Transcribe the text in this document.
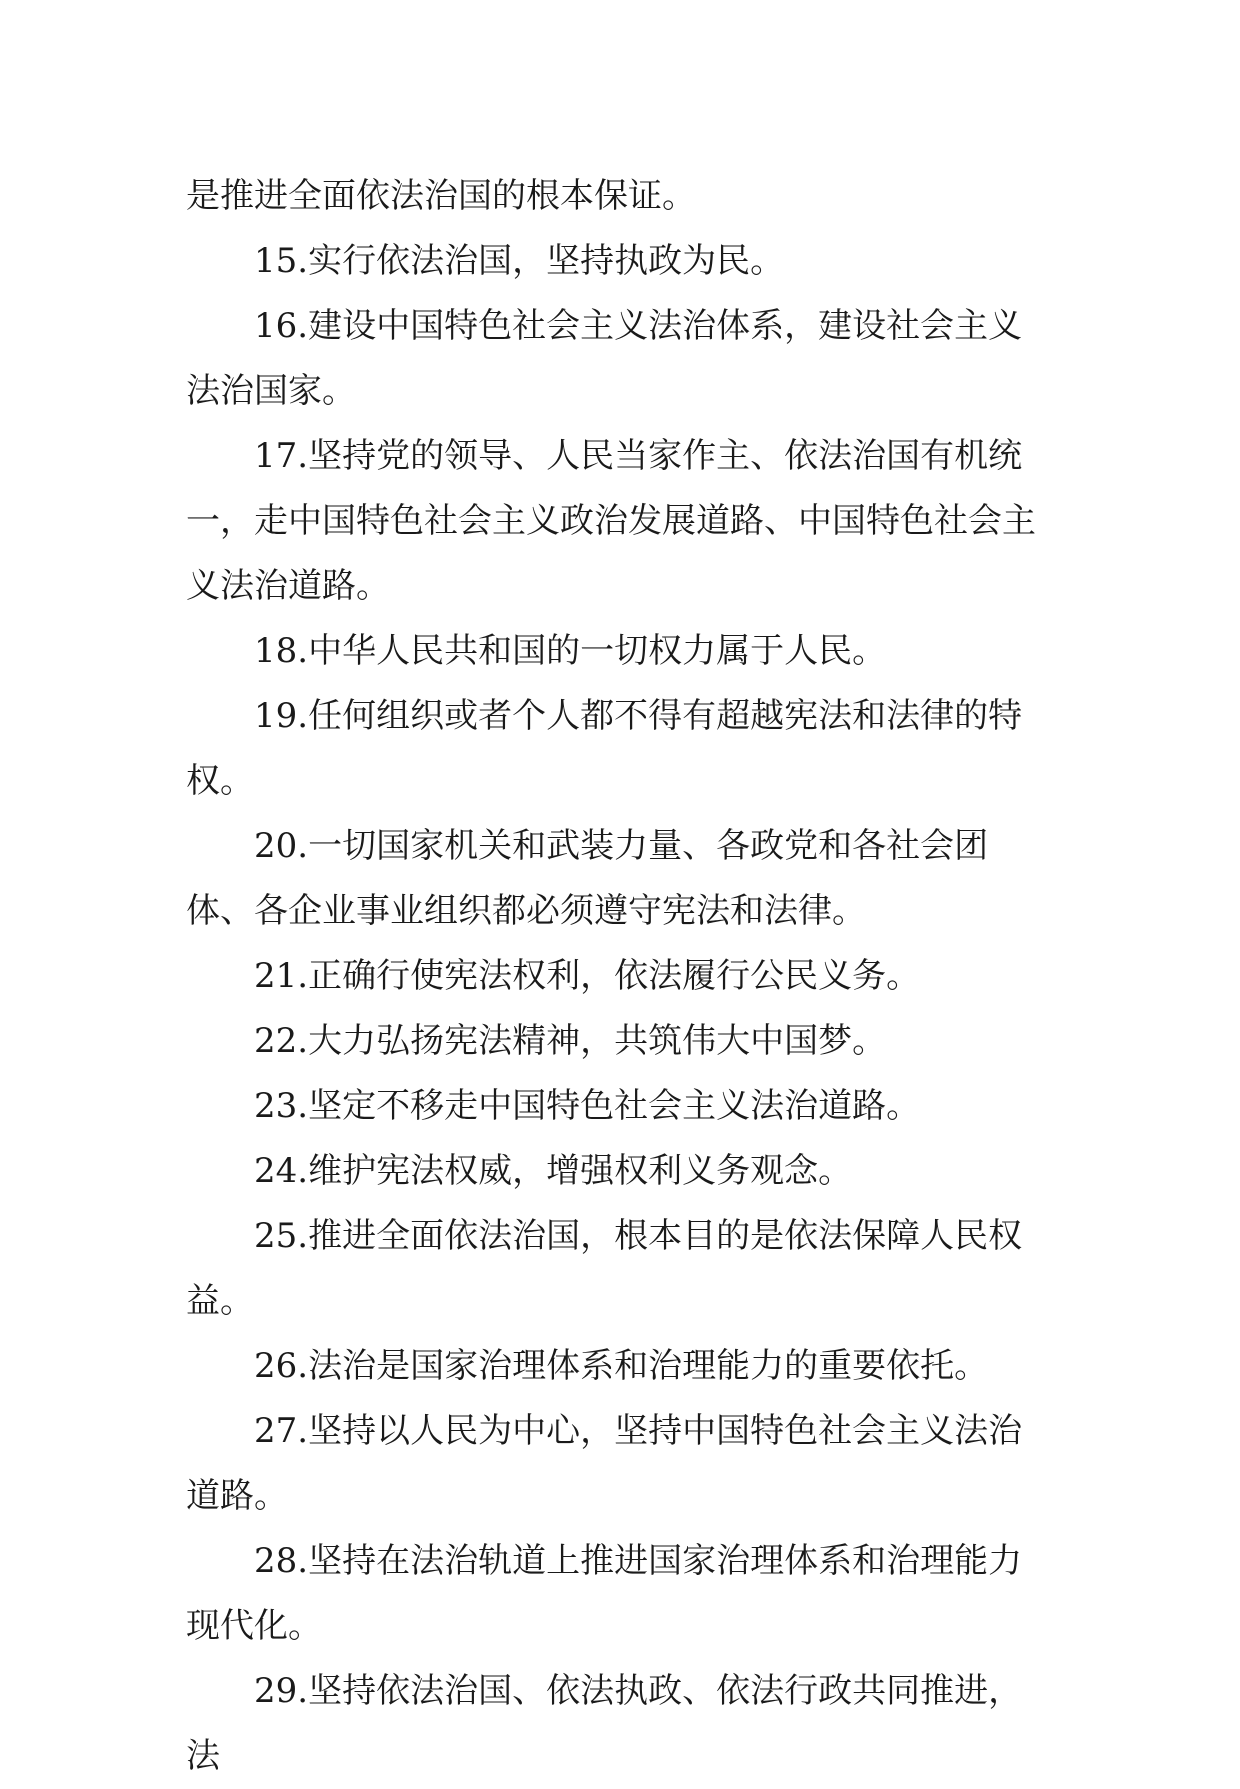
是推进全面依法治国的根本保证。

15.实行依法治国，坚持执政为民。

16.建设中国特色社会主义法治体系，建设社会主义法治国家。

17.坚持党的领导、人民当家作主、依法治国有机统一，走中国特色社会主义政治发展道路、中国特色社会主义法治道路。

18.中华人民共和国的一切权力属于人民。

19.任何组织或者个人都不得有超越宪法和法律的特权。

20.一切国家机关和武装力量、各政党和各社会团体、各企业事业组织都必须遵守宪法和法律。

21.正确行使宪法权利，依法履行公民义务。

22.大力弘扬宪法精神，共筑伟大中国梦。

23.坚定不移走中国特色社会主义法治道路。

24.维护宪法权威，增强权利义务观念。

25.推进全面依法治国，根本目的是依法保障人民权益。

26.法治是国家治理体系和治理能力的重要依托。

27.坚持以人民为中心，坚持中国特色社会主义法治道路。

28.坚持在法治轨道上推进国家治理体系和治理能力现代化。

29.坚持依法治国、依法执政、依法行政共同推进，法
